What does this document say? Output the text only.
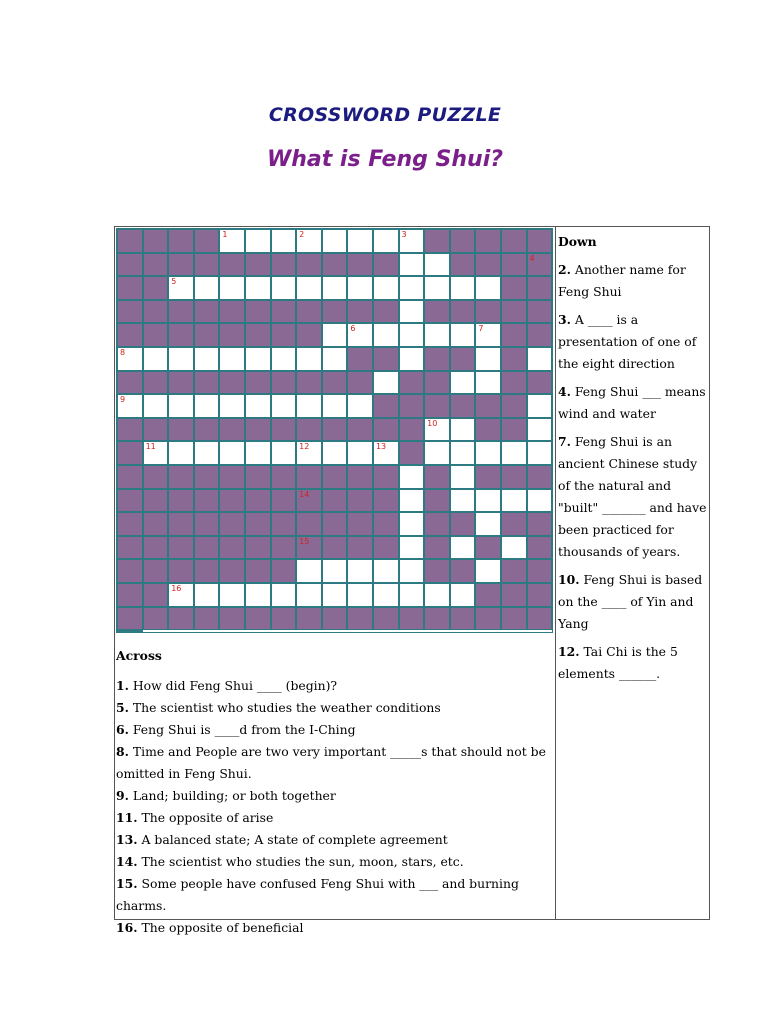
CROSSWORD PUZZLE
What is Feng Shui?
1	2	3
4
5
6	7
8
9
10
11	12	13
14
15
16
Down
2. Another name for Feng Shui
3. A ____ is a presentation of one of the eight direction
4. Feng Shui ___ means wind and water
7. Feng Shui is an ancient Chinese study of the natural and "built" _______ and have been practiced for thousands of years.
10. Feng Shui is based on the ____ of Yin and Yang
12. Tai Chi is the 5 elements ______.
Across
1. How did Feng Shui ____ (begin)?
5. The scientist who studies the weather conditions
6. Feng Shui is ____d from the I-Ching
8. Time and People are two very important _____s that should not be omitted in Feng Shui.
9. Land; building; or both together
11. The opposite of arise
13. A balanced state; A state of complete agreement
14. The scientist who studies the sun, moon, stars, etc.
15. Some people have confused Feng Shui with ___ and burning charms.
16. The opposite of beneficial
